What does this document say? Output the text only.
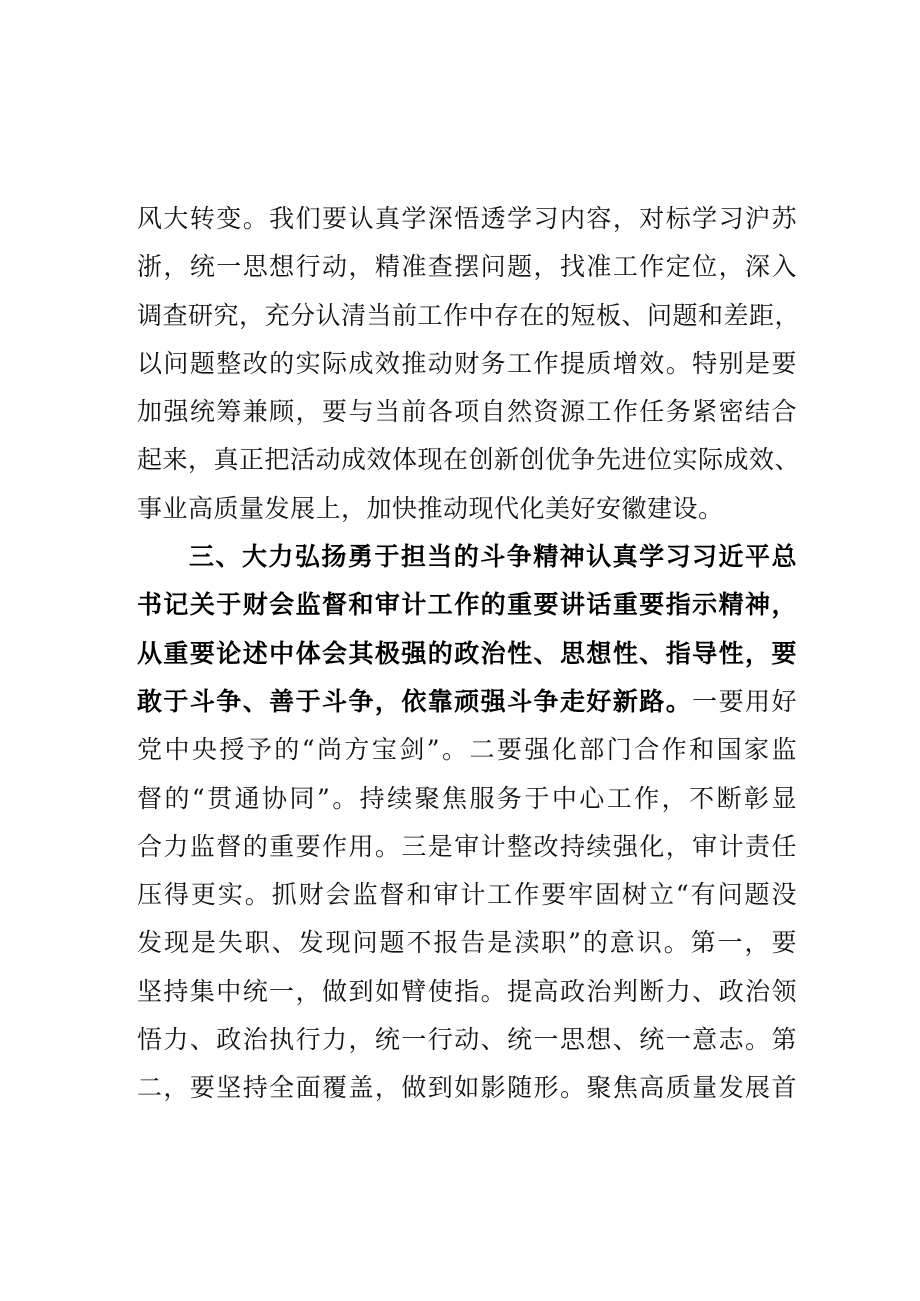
风大转变。我们要认真学深悟透学习内容，对标学习沪苏
浙，统一思想行动，精准查摆问题，找准工作定位，深入
调查研究，充分认清当前工作中存在的短板、问题和差距，
以问题整改的实际成效推动财务工作提质增效。特别是要
加强统筹兼顾，要与当前各项自然资源工作任务紧密结合
起来，真正把活动成效体现在创新创优争先进位实际成效、
事业高质量发展上，加快推动现代化美好安徽建设。
三、大力弘扬勇于担当的斗争精神认真学习习近平总
书记关于财会监督和审计工作的重要讲话重要指示精神，
从重要论述中体会其极强的政治性、思想性、指导性，要
敢于斗争、善于斗争，依靠顽强斗争走好新路。一要用好
党中央授予的“尚方宝剑”。二要强化部门合作和国家监
督的“贯通协同”。持续聚焦服务于中心工作，不断彰显
合力监督的重要作用。三是审计整改持续强化，审计责任
压得更实。抓财会监督和审计工作要牢固树立“有问题没
发现是失职、发现问题不报告是渎职”的意识。第一，要
坚持集中统一，做到如臂使指。提高政治判断力、政治领
悟力、政治执行力，统一行动、统一思想、统一意志。第
二，要坚持全面覆盖，做到如影随形。聚焦高质量发展首
